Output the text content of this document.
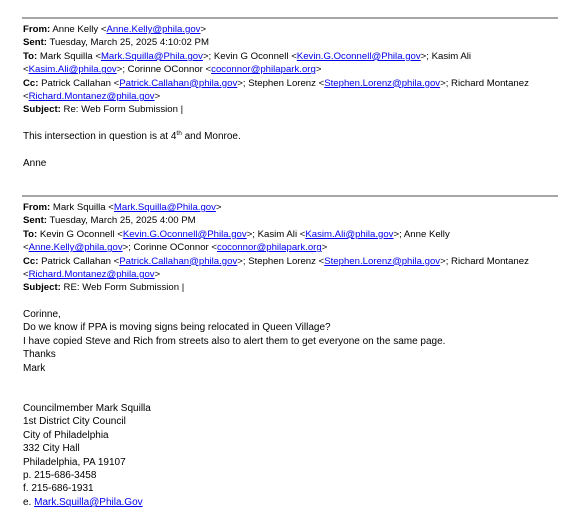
From: Anne Kelly <Anne.Kelly@phila.gov>
Sent: Tuesday, March 25, 2025 4:10:02 PM
To: Mark Squilla <Mark.Squilla@Phila.gov>; Kevin G Oconnell <Kevin.G.Oconnell@Phila.gov>; Kasim Ali
<Kasim.Ali@phila.gov>; Corinne OConnor <coconnor@philapark.org>
Cc: Patrick Callahan <Patrick.Callahan@phila.gov>; Stephen Lorenz <Stephen.Lorenz@phila.gov>; Richard Montanez
<Richard.Montanez@phila.gov>
Subject: Re: Web Form Submission |
This intersection in question is at 4th and Monroe.
Anne
From: Mark Squilla <Mark.Squilla@Phila.gov>
Sent: Tuesday, March 25, 2025 4:00 PM
To: Kevin G Oconnell <Kevin.G.Oconnell@Phila.gov>; Kasim Ali <Kasim.Ali@phila.gov>; Anne Kelly
<Anne.Kelly@phila.gov>; Corinne OConnor <coconnor@philapark.org>
Cc: Patrick Callahan <Patrick.Callahan@phila.gov>; Stephen Lorenz <Stephen.Lorenz@phila.gov>; Richard Montanez
<Richard.Montanez@phila.gov>
Subject: RE: Web Form Submission |
Corinne,
Do we know if PPA is moving signs being relocated in Queen Village?
I have copied Steve and Rich from streets also to alert them to get everyone on the same page.
Thanks
Mark
Councilmember Mark Squilla
1st District City Council
City of Philadelphia
332 City Hall
Philadelphia, PA 19107
p. 215-686-3458
f. 215-686-1931
e. Mark.Squilla@Phila.Gov
